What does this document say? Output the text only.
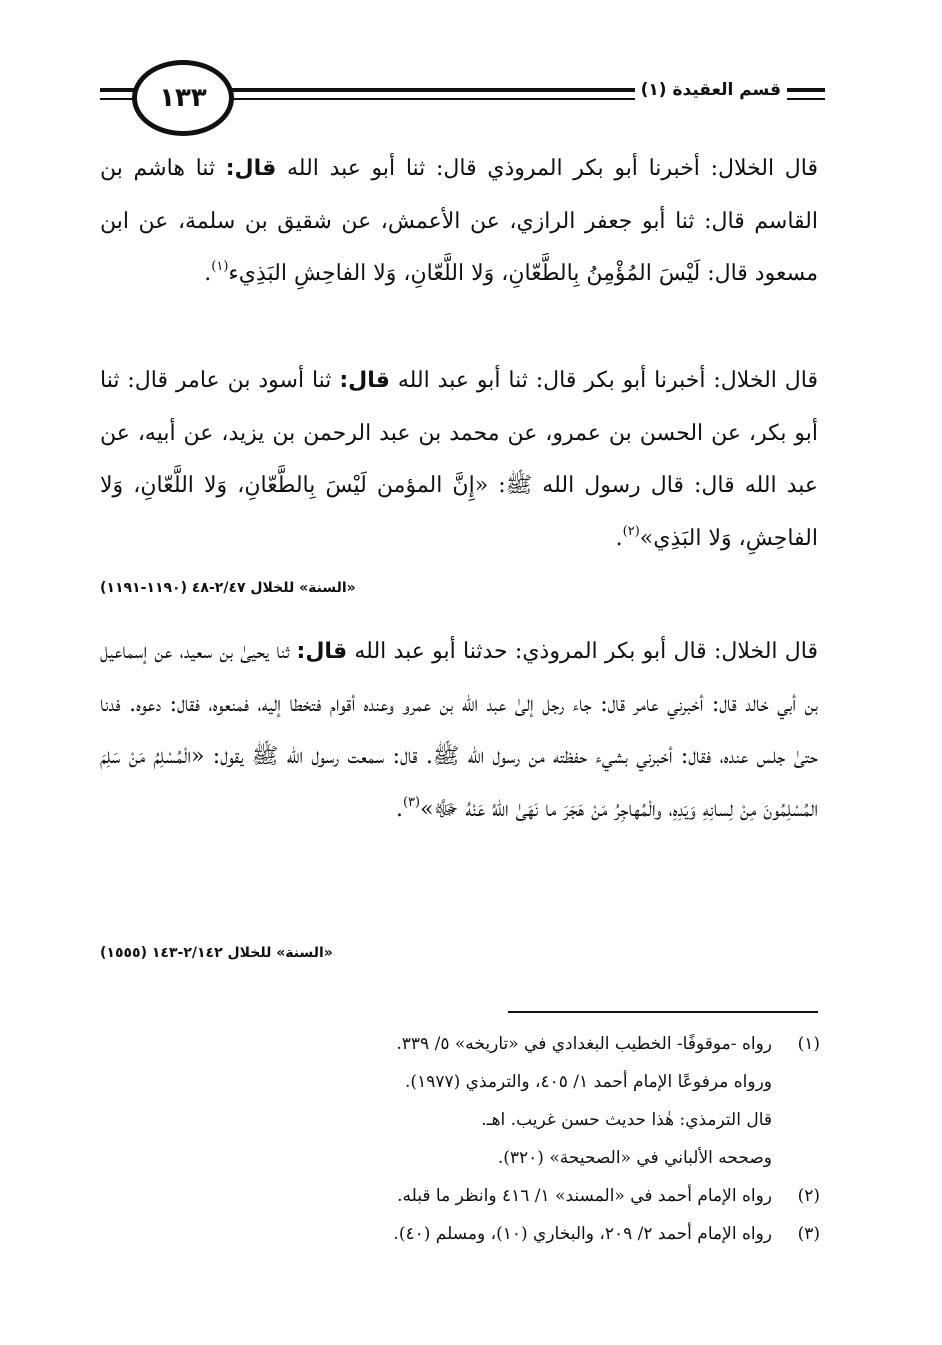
١٣٣	قسم العقيدة (١)

قال الخلال: أخبرنا أبو بكر المروذي قال: ثنا أبو عبد الله قال: ثنا هاشم بن القاسم قال: ثنا أبو جعفر الرازي، عن الأعمش، عن شقيق بن سلمة، عن ابن مسعود قال: لَيْسَ المُؤْمِنُ بِالطَّعّانِ، وَلا اللَّعّانِ، وَلا الفاحِشِ البَذِيء$^{(١)}$.

قال الخلال: أخبرنا أبو بكر قال: ثنا أبو عبد الله قال: ثنا أسود بن عامر قال: ثنا أبو بكر، عن الحسن بن عمرو، عن محمد بن عبد الرحمن بن يزيد، عن أبيه، عن عبد الله قال: قال رسول الله ﷺ: «إِنَّ المؤمن لَيْسَ بِالطَّعّانِ، وَلا اللَّعّانِ، وَلا الفاحِشِ، وَلا البَذِي»$^{(٢)}$.

«السنة» للخلال ٢/٤٧-٤٨ (١١٩٠-١١٩١)

قال الخلال: قال أبو بكر المروذي: حدثنا أبو عبد الله قال: ثنا يحيىٰ بن سعيد، عن إسماعيل بن أبي خالد قال: أخبرني عامر قال: جاء رجل إلىٰ عبد الله بن عمرو وعنده أقوام فتخطا إليه، فمنعوه، فقال: دعوه. فدنا حتىٰ جلس عنده، فقال: أخبرني بشيء حفظته من رسول الله ﷺ. قال: سمعت رسول الله ﷺ يقول: «الْمُسْلِمُ مَنْ سَلِمَ المُسْلِمُونَ مِنْ لِسانِهِ وَيَدِهِ، والْمُهاجِرُ مَنْ هَجَرَ ما نَهَىٰ اللهُ عَنْهُ ﷻ»$^{(٣)}$.

«السنة» للخلال ٢/١٤٢-١٤٣ (١٥٥٥)

(١)رواه -موقوفًا- الخطيب البغدادي في «تاريخه» ٥/ ٣٣٩.

ورواه مرفوعًا الإمام أحمد ١/ ٤٠٥، والترمذي (١٩٧٧).

قال الترمذي: هٰذا حديث حسن غريب. اهـ.

وصححه الألباني في «الصحيحة» (٣٢٠).

(٢)رواه الإمام أحمد في «المسند» ١/ ٤١٦ وانظر ما قبله.

(٣)رواه الإمام أحمد ٢/ ٢٠٩، والبخاري (١٠)، ومسلم (٤٠).
